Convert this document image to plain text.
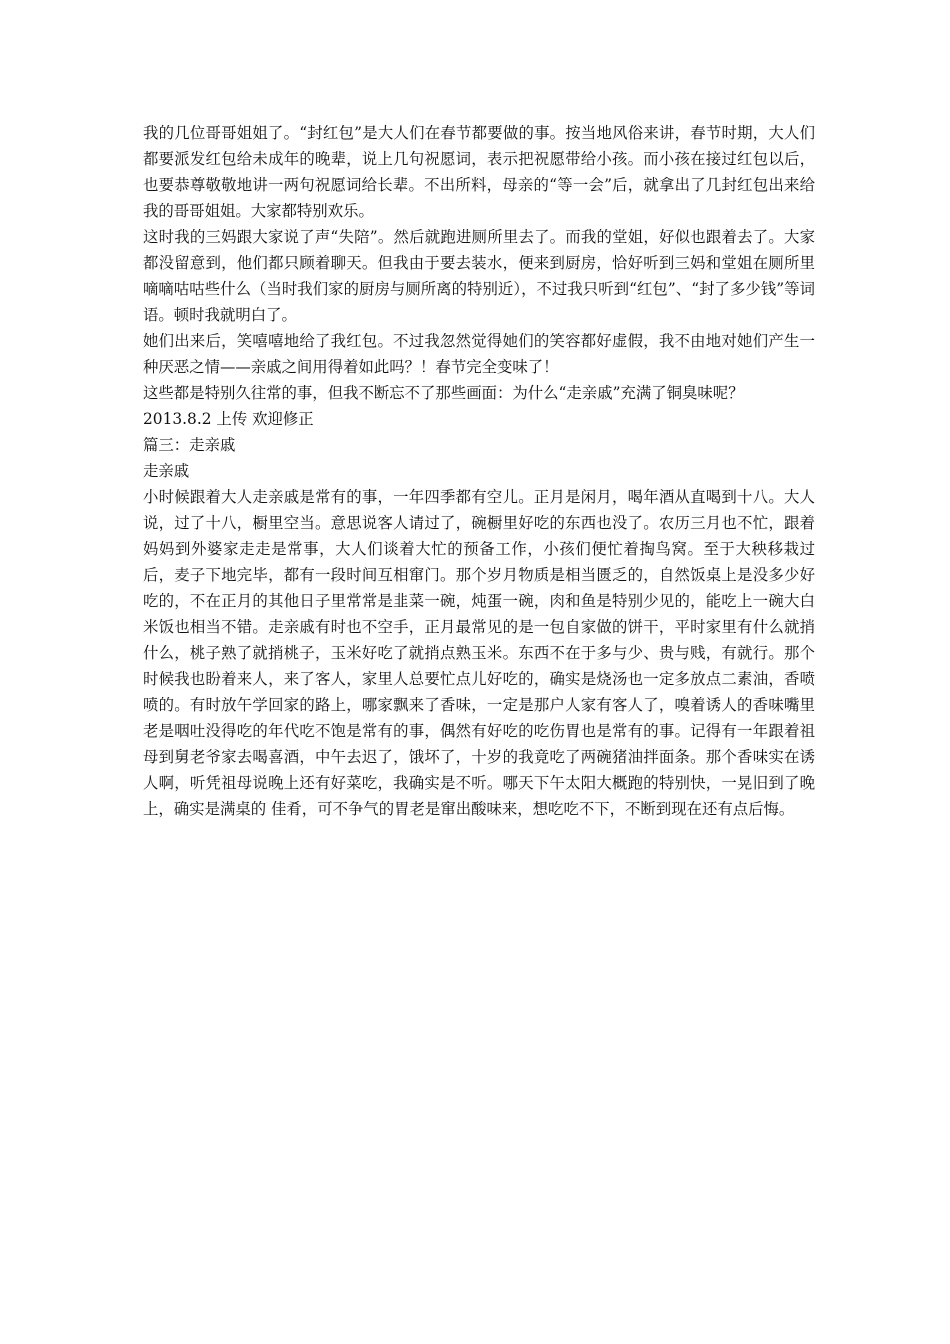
我的几位哥哥姐姐了。“封红包”是大人们在春节都要做的事。按当地风俗来讲，春节时期，大人们都要派发红包给未成年的晚辈，说上几句祝愿词，表示把祝愿带给小孩。而小孩在接过红包以后，也要恭尊敬敬地讲一两句祝愿词给长辈。不出所料，母亲的“等一会”后，就拿出了几封红包出来给我的哥哥姐姐。大家都特别欢乐。

这时我的三妈跟大家说了声“失陪”。然后就跑进厕所里去了。而我的堂姐，好似也跟着去了。大家都没留意到，他们都只顾着聊天。但我由于要去装水，便来到厨房，恰好听到三妈和堂姐在厕所里嘀嘀咕咕些什么（当时我们家的厨房与厕所离的特别近），不过我只听到“红包”、“封了多少钱”等词语。顿时我就明白了。

她们出来后，笑嘻嘻地给了我红包。不过我忽然觉得她们的笑容都好虚假，我不由地对她们产生一种厌恶之情——亲戚之间用得着如此吗？！春节完全变味了！

这些都是特别久往常的事，但我不断忘不了那些画面：为什么“走亲戚”充满了铜臭味呢？

2013.8.2 上传 欢迎修正

篇三：走亲戚

走亲戚

小时候跟着大人走亲戚是常有的事，一年四季都有空儿。正月是闲月，喝年酒从直喝到十八。大人说，过了十八，橱里空当。意思说客人请过了，碗橱里好吃的东西也没了。农历三月也不忙，跟着妈妈到外婆家走走是常事，大人们谈着大忙的预备工作，小孩们便忙着掏鸟窝。至于大秧移栽过后，麦子下地完毕，都有一段时间互相窜门。那个岁月物质是相当匮乏的，自然饭桌上是没多少好吃的，不在正月的其他日子里常常是韭菜一碗，炖蛋一碗，肉和鱼是特别少见的，能吃上一碗大白米饭也相当不错。走亲戚有时也不空手，正月最常见的是一包自家做的饼干，平时家里有什么就捎什么，桃子熟了就捎桃子，玉米好吃了就捎点熟玉米。东西不在于多与少、贵与贱，有就行。那个时候我也盼着来人，来了客人，家里人总要忙点儿好吃的，确实是烧汤也一定多放点二素油，香喷喷的。有时放午学回家的路上，哪家飘来了香味，一定是那户人家有客人了，嗅着诱人的香味嘴里老是咽吐没得吃的年代吃不饱是常有的事，偶然有好吃的吃伤胃也是常有的事。记得有一年跟着祖母到舅老爷家去喝喜酒，中午去迟了，饿坏了，十岁的我竟吃了两碗猪油拌面条。那个香味实在诱人啊，听凭祖母说晚上还有好菜吃，我确实是不听。哪天下午太阳大概跑的特别快，一晃旧到了晚上，确实是满桌的 佳肴，可不争气的胃老是窜出酸味来，想吃吃不下，不断到现在还有点后悔。
